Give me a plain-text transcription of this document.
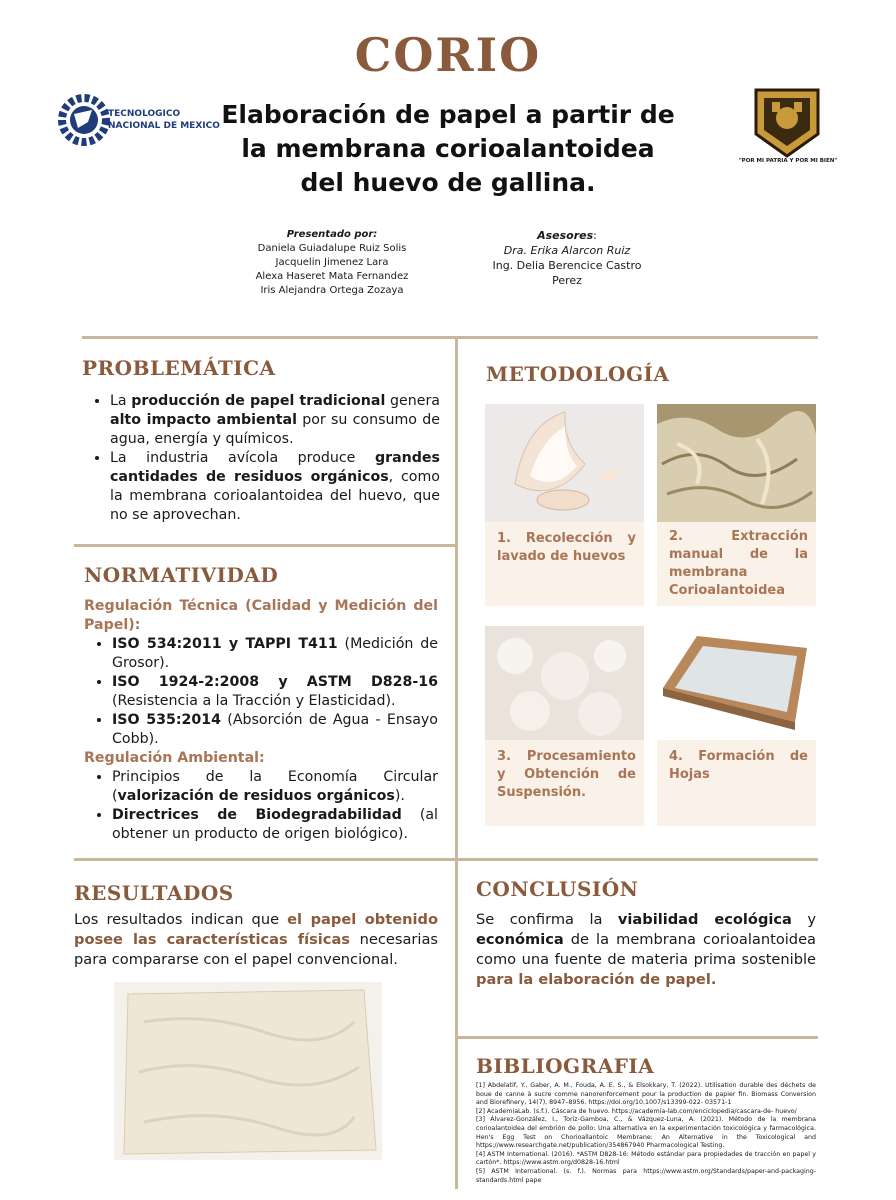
CORIO
TECNOLOGICO
NACIONAL DE MEXICO Elaboración de papel a partir de la membrana corioalantoidea del huevo de gallina.
"POR MI PATRIA Y POR MI BIEN"
Presentado por:
Daniela Guiadalupe Ruiz Solis
Jacquelin Jimenez Lara
Alexa Haseret Mata Fernandez
Iris Alejandra Ortega Zozaya
Asesores:
Dra. Erika Alarcon Ruiz
Ing. Delia Berencice Castro
Perez
PROBLEMÁTICA
• La producción de papel tradicional genera alto impacto ambiental por su consumo de agua, energía y químicos.
• La industria avícola produce grandes cantidades de residuos orgánicos, como la membrana corioalantoidea del huevo, que no se aprovechan.
NORMATIVIDAD
Regulación Técnica (Calidad y Medición del Papel):
• ISO 534:2011 y TAPPI T411 (Medición de Grosor).
• ISO 1924-2:2008 y ASTM D828-16 (Resistencia a la Tracción y Elasticidad).
• ISO 535:2014 (Absorción de Agua - Ensayo Cobb).
Regulación Ambiental:
• Principios de la Economía Circular (valorización de residuos orgánicos).
• Directrices de Biodegradabilidad (al obtener un producto de origen biológico).
METODOLOGÍA
1. Recolección y lavado de huevos
2. Extracción manual de la membrana Corioalantoidea
3. Procesamiento y Obtención de Suspensión.
4. Formación de Hojas
RESULTADOS
Los resultados indican que el papel obtenido posee las características físicas necesarias para compararse con el papel convencional.
CONCLUSIÓN
Se confirma la viabilidad ecológica y económica de la membrana corioalantoidea como una fuente de materia prima sostenible para la elaboración de papel.
BIBLIOGRAFIA
[1] Abdelatif, Y., Gaber, A. M., Fouda, A. E. S., & Elsokkary, T. (2022). Utilisation durable des déchets de boue de canne à sucre comme nanorenforcement pour la production de papier fin. Biomass Conversion and Biorefinery, 14(7), 8947–8956. https://doi.org/10.1007/s13399-022- 03571-1
[2] AcademiaLab. (s.f.). Cáscara de huevo. https://academia-lab.com/enciclopedia/cascara-de- huevo/
[3] Álvarez-González, I., Toriz-Gamboa, C., & Vázquez-Luna, A. (2021). Método de la membrana corioalantoidea del embrión de pollo: Una alternativa en la experimentación toxicológica y farmacológica. Hen's Egg Test on Chorioallantoic Membrane: An Alternative in the Toxicological and https://www.researchgate.net/publication/354867940 Pharmacological Testing.
[4] ASTM International. (2016). *ASTM D828-16: Método estándar para propiedades de tracción en papel y cartón*. https://www.astm.org/d0828-16.html
[5] ASTM International. (s. f.). Normas para https://www.astm.org/Standards/paper-and-packaging-standards.html pape
